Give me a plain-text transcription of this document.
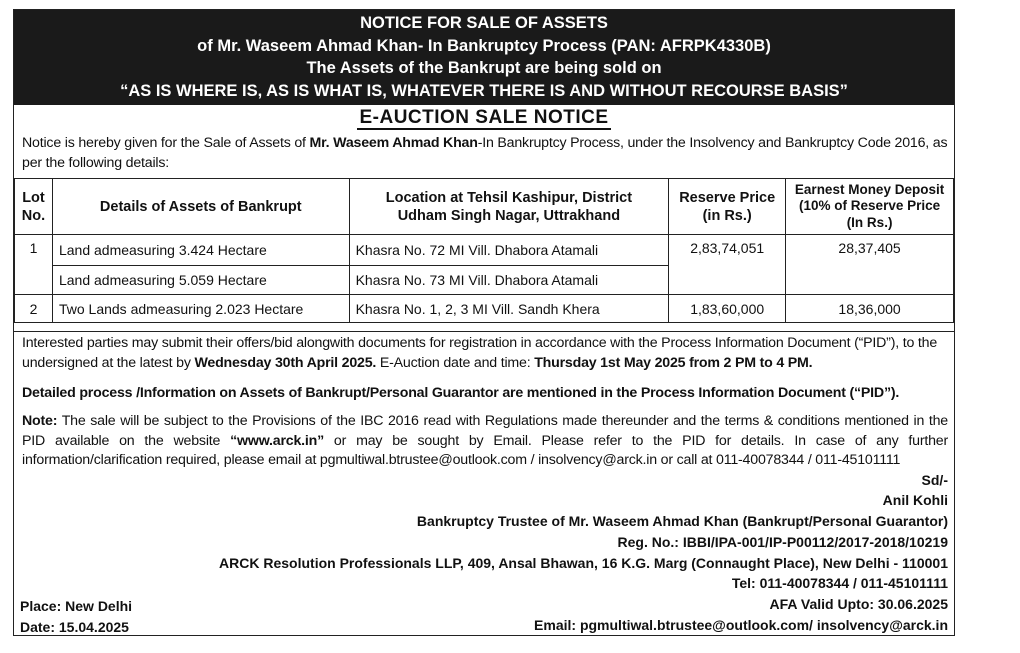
NOTICE FOR SALE OF ASSETS
of Mr. Waseem Ahmad Khan- In Bankruptcy Process (PAN: AFRPK4330B)
The Assets of the Bankrupt are being sold on
“AS IS WHERE IS, AS IS WHAT IS, WHATEVER THERE IS AND WITHOUT RECOURSE BASIS”
E-AUCTION SALE NOTICE
Notice is hereby given for the Sale of Assets of Mr. Waseem Ahmad Khan-In Bankruptcy Process, under the Insolvency and Bankruptcy Code 2016, as per the following details:
Lot No.	Details of Assets of Bankrupt	Location at Tehsil Kashipur, District Udham Singh Nagar, Uttrakhand	Reserve Price (in Rs.)	Earnest Money Deposit (10% of Reserve Price (In Rs.)
1	Land admeasuring 3.424 Hectare	Khasra No. 72 MI Vill. Dhabora Atamali	2,83,74,051	28,37,405
	Land admeasuring 5.059 Hectare	Khasra No. 73 MI Vill. Dhabora Atamali		
2	Two Lands admeasuring 2.023 Hectare	Khasra No. 1, 2, 3 MI Vill. Sandh Khera	1,83,60,000	18,36,000
Interested parties may submit their offers/bid alongwith documents for registration in accordance with the Process Information Document (“PID”), to the undersigned at the latest by Wednesday 30th April 2025. E-Auction date and time: Thursday 1st May 2025 from 2 PM to 4 PM.
Detailed process /Information on Assets of Bankrupt/Personal Guarantor are mentioned in the Process Information Document (“PID”).
Note: The sale will be subject to the Provisions of the IBC 2016 read with Regulations made thereunder and the terms & conditions mentioned in the PID available on the website “www.arck.in” or may be sought by Email. Please refer to the PID for details. In case of any further information/clarification required, please email at pgmultiwal.btrustee@outlook.com / insolvency@arck.in or call at 011-40078344 / 011-45101111
Sd/-
Anil Kohli
Bankruptcy Trustee of Mr. Waseem Ahmad Khan (Bankrupt/Personal Guarantor)
Reg. No.: IBBI/IPA-001/IP-P00112/2017-2018/10219
ARCK Resolution Professionals LLP, 409, Ansal Bhawan, 16 K.G. Marg (Connaught Place), New Delhi - 110001
Tel: 011-40078344 / 011-45101111
AFA Valid Upto: 30.06.2025
Email: pgmultiwal.btrustee@outlook.com/ insolvency@arck.in
Place: New Delhi
Date: 15.04.2025
